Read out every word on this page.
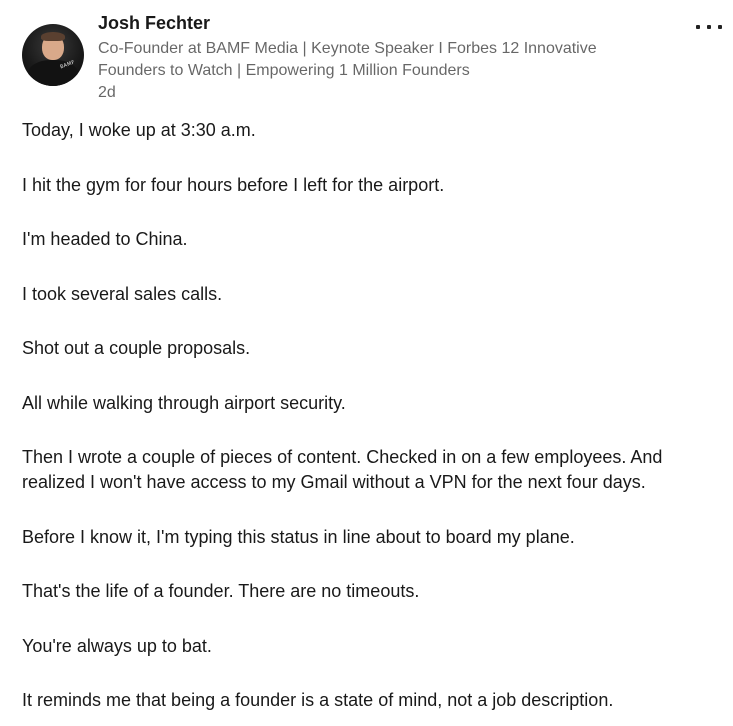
BAMF
Josh Fechter
Co-Founder at BAMF Media | Keynote Speaker I Forbes 12 Innovative Founders to Watch | Empowering 1 Million Founders
2d

Today, I woke up at 3:30 a.m.

I hit the gym for four hours before I left for the airport.

I'm headed to China.

I took several sales calls.

Shot out a couple proposals.

All while walking through airport security.

Then I wrote a couple of pieces of content. Checked in on a few employees. And realized I won't have access to my Gmail without a VPN for the next four days.

Before I know it, I'm typing this status in line about to board my plane.

That's the life of a founder. There are no timeouts.

You're always up to bat.

It reminds me that being a founder is a state of mind, not a job description.
